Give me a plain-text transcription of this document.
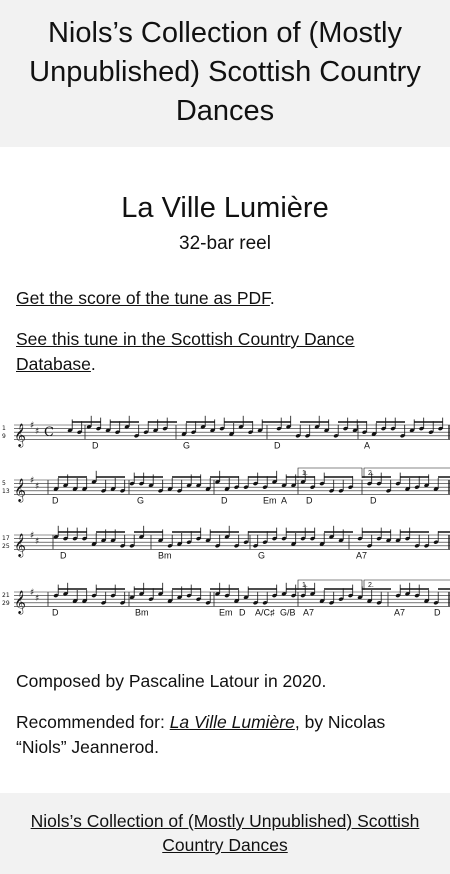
Niols’s Collection of (Mostly Unpublished) Scottish Country Dances
La Ville Lumière
32-bar reel

Get the score of the tune as PDF.

See this tune in the Scottish Country Dance Database.

𝄞 ♯
♯
1
9	C
D	G	D	A
𝄞 ♯
♯
5
13
D	G	D	Em A D	D
1.	2.
𝄞 ♯
♯
17
25
D	Bm	G	A7
𝄞 ♯
♯
21
29
D	Bm	Em D A/C♯ G/B A7	A7	D
1.	2.

Composed by Pascaline Latour in 2020.

Recommended for: La Ville Lumière, by Nicolas “Niols” Jeannerod.

Niols’s Collection of (Mostly Unpublished) Scottish Country Dances
